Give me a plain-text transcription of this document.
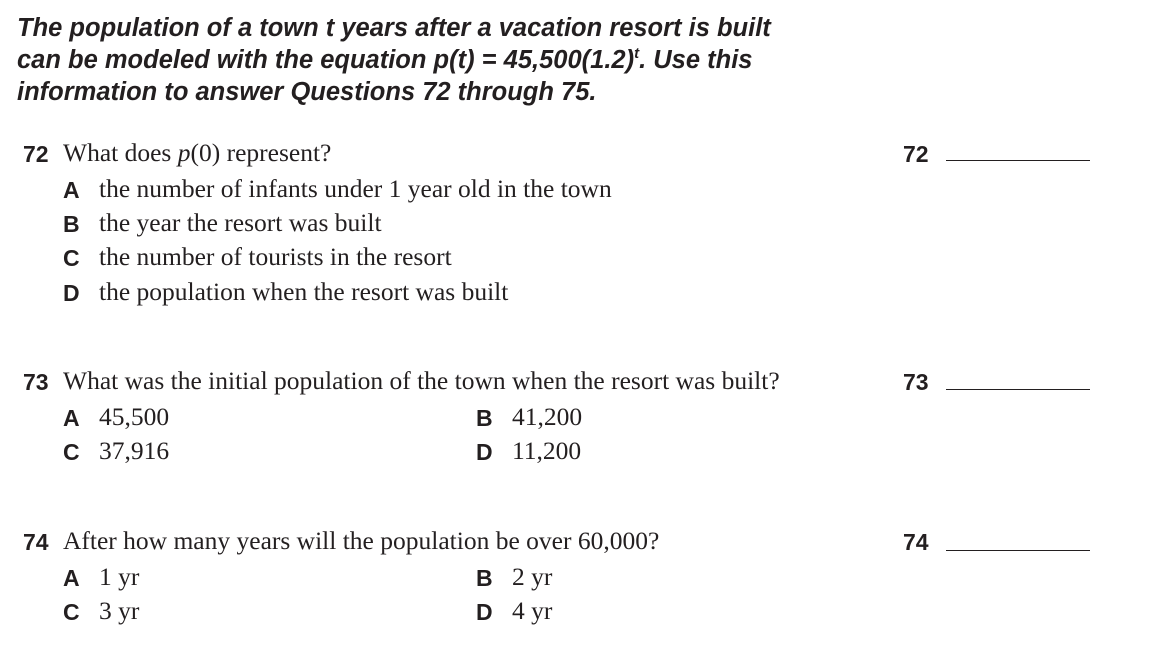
The population of a town t years after a vacation resort is built
can be modeled with the equation $p(t) = 45,500(1.2)^t$. Use this
information to answer Questions 72 through 75.
72 What does p(0) represent?	72
A the number of infants under 1 year old in the town
B the year the resort was built
C the number of tourists in the resort
D the population when the resort was built
73 What was the initial population of the town when the resort was built?	73
A 45,500	B 41,200
C 37,916	D 11,200
74 After how many years will the population be over 60,000?	74
A 1 yr	B 2 yr
C 3 yr	D 4 yr
